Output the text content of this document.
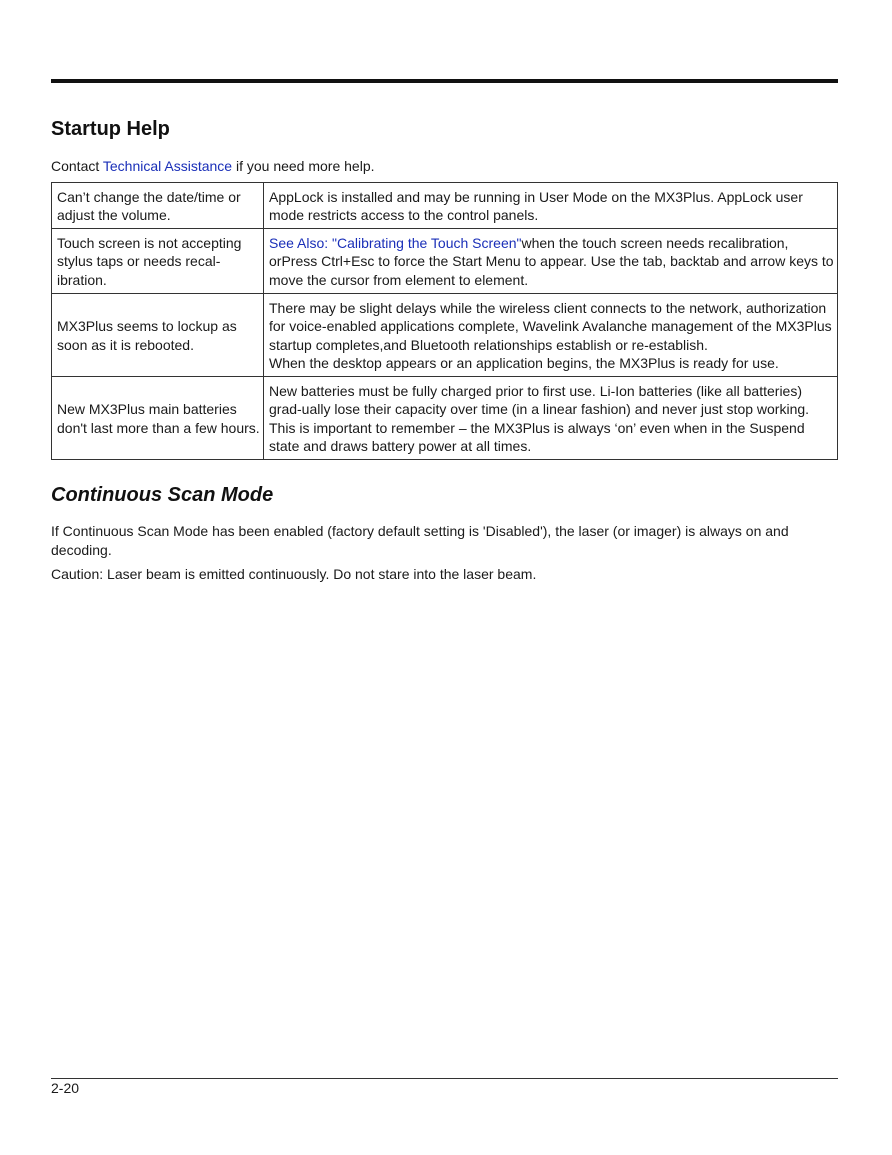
Startup Help
Contact Technical Assistance if you need more help.
Can’t change the date/time or adjust the volume.	AppLock is installed and may be running in User Mode on the MX3Plus. AppLock user mode restricts access to the control panels.
Touch screen is not accepting stylus taps or needs recal-ibration.	See Also: "Calibrating the Touch Screen"when the touch screen needs recalibration, orPress Ctrl+Esc to force the Start Menu to appear. Use the tab, backtab and arrow keys to move the cursor from element to element.
MX3Plus seems to lockup as soon as it is rebooted.	There may be slight delays while the wireless client connects to the network, authorization for voice-enabled applications complete, Wavelink Avalanche management of the MX3Plus startup completes,and Bluetooth relationships establish or re-establish.
When the desktop appears or an application begins, the MX3Plus is ready for use.

New MX3Plus main batteries don't last more than a few hours.	New batteries must be fully charged prior to first use. Li-Ion batteries (like all batteries) grad-ually lose their capacity over time (in a linear fashion) and never just stop working. This is important to remember – the MX3Plus is always ‘on’ even when in the Suspend state and draws battery power at all times.
Continuous Scan Mode

If Continuous Scan Mode has been enabled (factory default setting is 'Disabled'), the laser (or imager) is always on and decoding.

Caution: Laser beam is emitted continuously. Do not stare into the laser beam.

2-20
